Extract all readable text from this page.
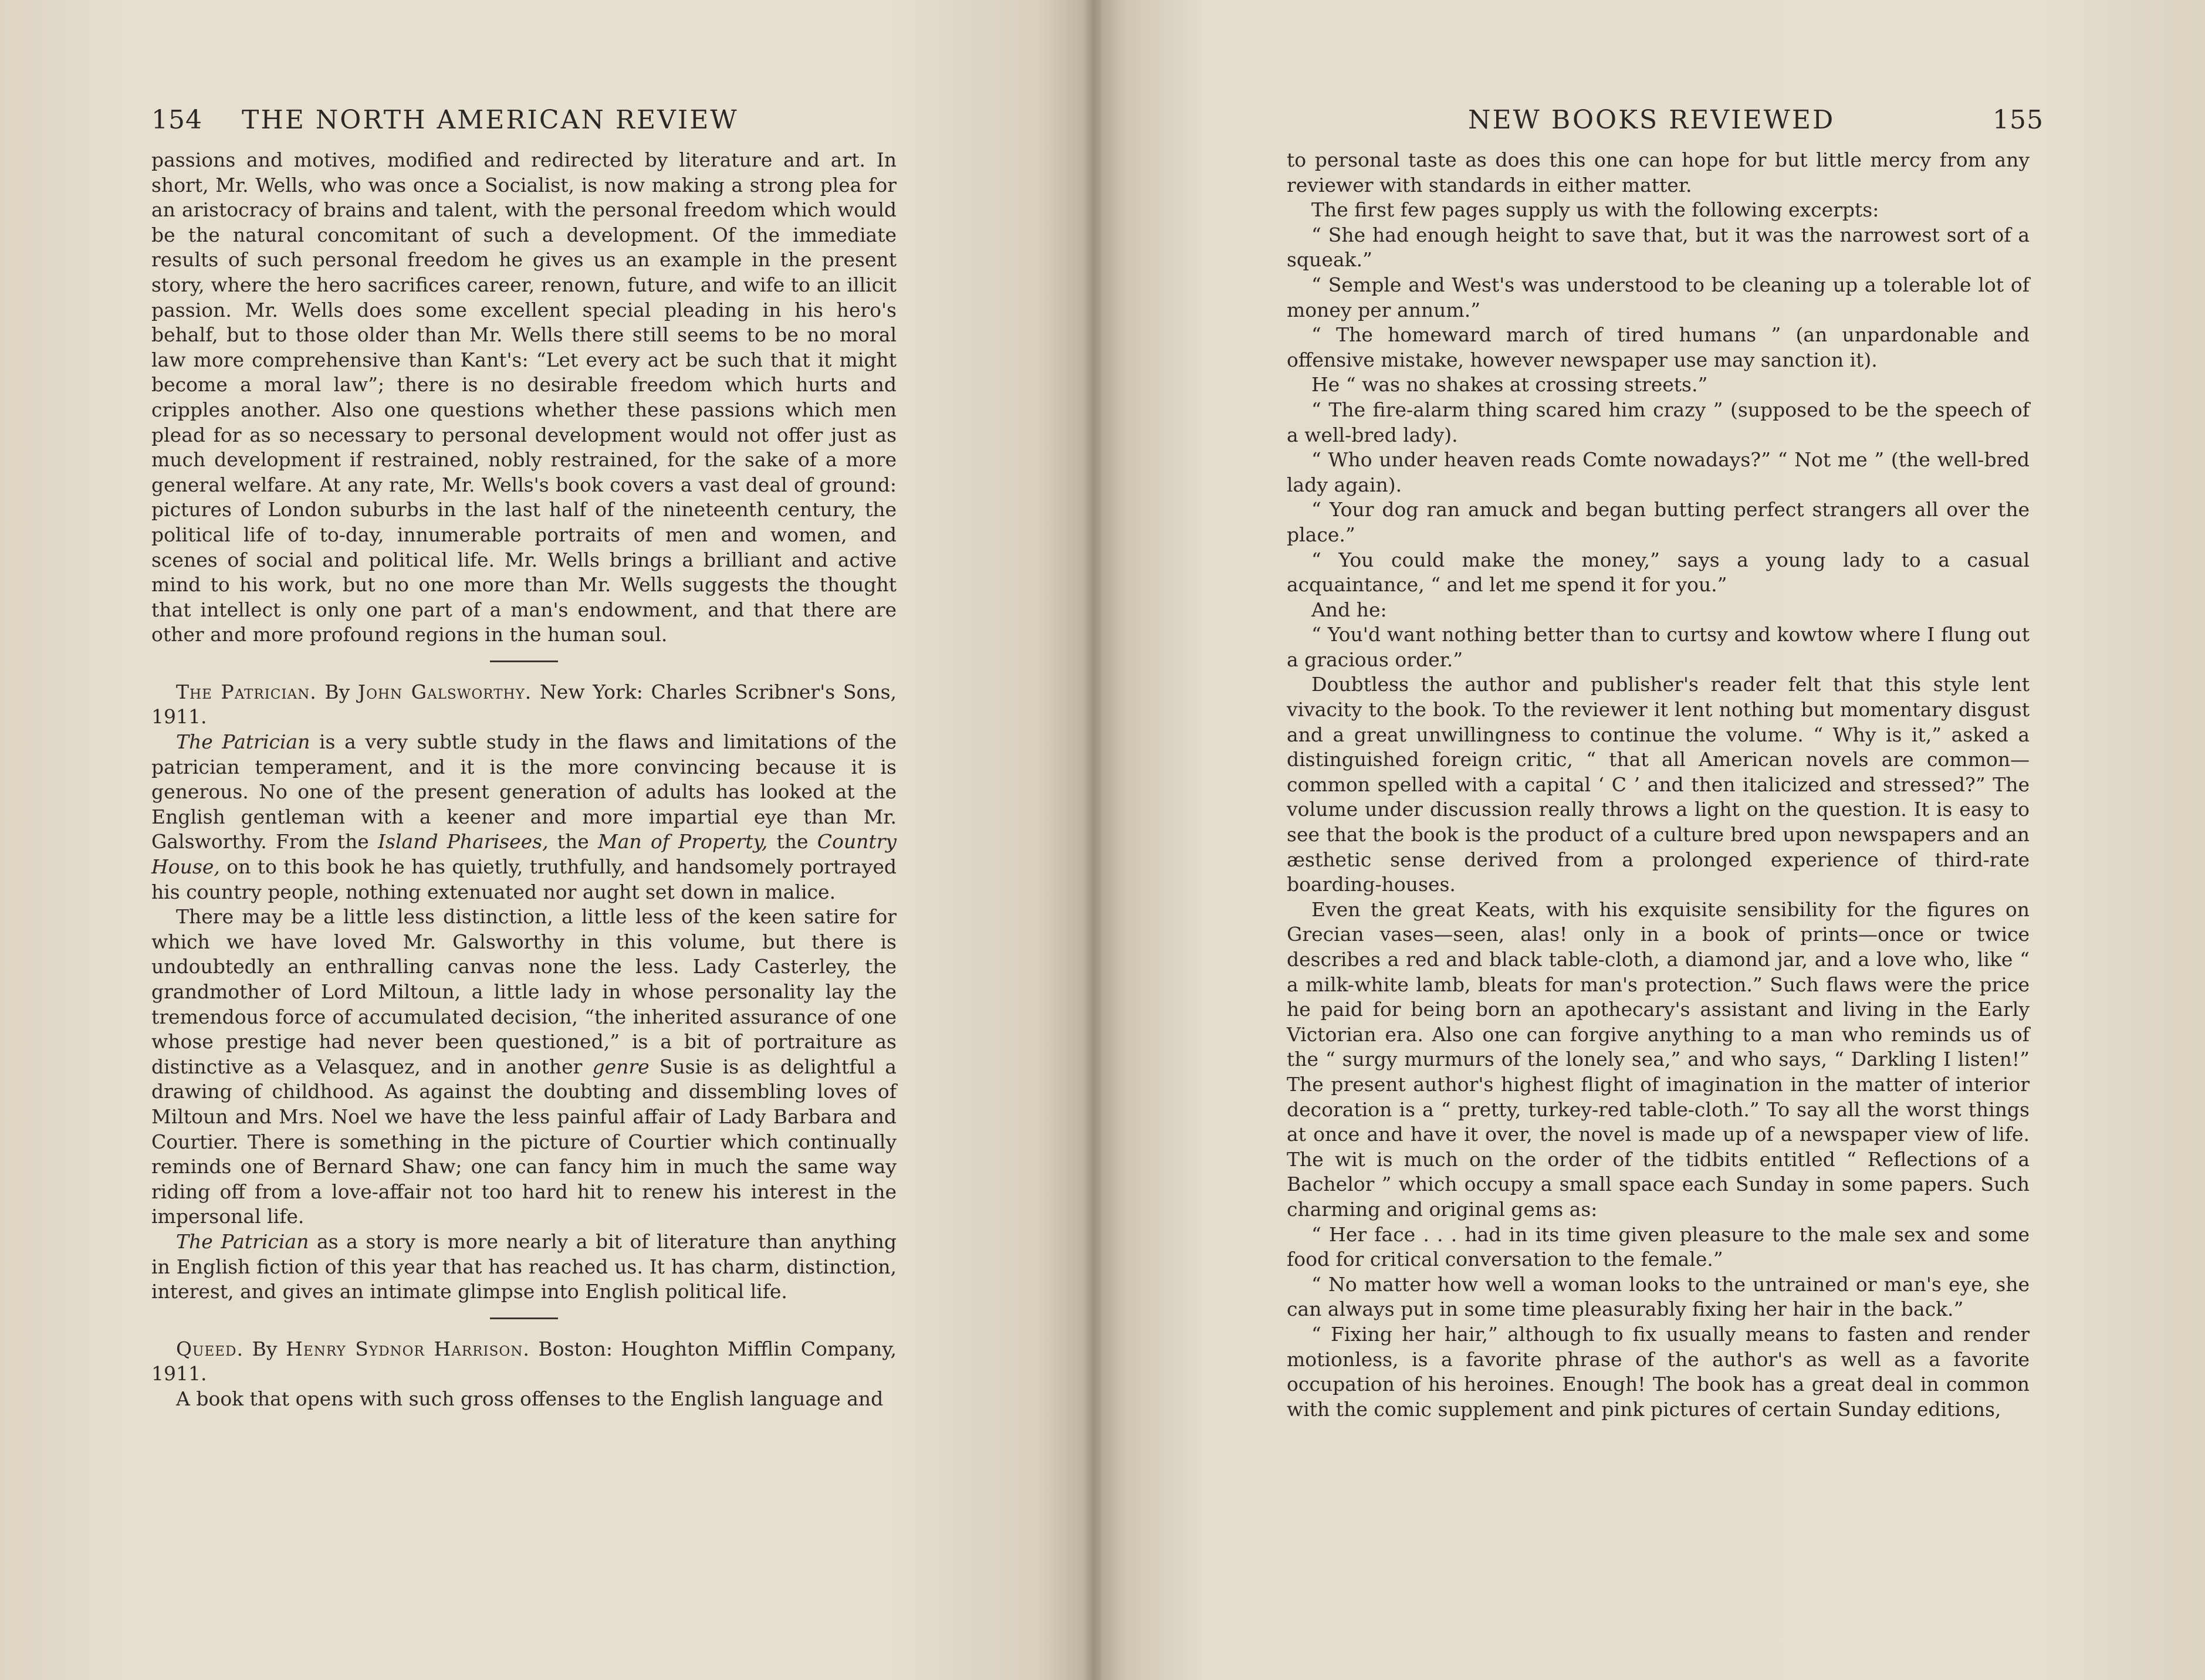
154 THE NORTH AMERICAN REVIEW

passions and motives, modified and redirected by literature and art. In short, Mr. Wells, who was once a Socialist, is now making a strong plea for an aristocracy of brains and talent, with the personal freedom which would be the natural concomitant of such a development. Of the immediate results of such personal freedom he gives us an example in the present story, where the hero sacrifices career, renown, future, and wife to an illicit passion. Mr. Wells does some excellent special pleading in his hero's behalf, but to those older than Mr. Wells there still seems to be no moral law more comprehensive than Kant's: “Let every act be such that it might become a moral law”; there is no desirable freedom which hurts and cripples another. Also one questions whether these passions which men plead for as so necessary to personal development would not offer just as much development if restrained, nobly restrained, for the sake of a more general welfare. At any rate, Mr. Wells's book covers a vast deal of ground: pictures of London suburbs in the last half of the nineteenth century, the political life of to-day, innumerable portraits of men and women, and scenes of social and political life. Mr. Wells brings a brilliant and active mind to his work, but no one more than Mr. Wells suggests the thought that intellect is only one part of a man's endowment, and that there are other and more profound regions in the human soul.

The Patrician. By John Galsworthy. New York: Charles Scribner's Sons, 1911.

The Patrician is a very subtle study in the flaws and limitations of the patrician temperament, and it is the more convincing because it is generous. No one of the present generation of adults has looked at the English gentleman with a keener and more impartial eye than Mr. Galsworthy. From the Island Pharisees, the Man of Property, the Country House, on to this book he has quietly, truthfully, and handsomely portrayed his country people, nothing extenuated nor aught set down in malice.

There may be a little less distinction, a little less of the keen satire for which we have loved Mr. Galsworthy in this volume, but there is undoubtedly an enthralling canvas none the less. Lady Casterley, the grandmother of Lord Miltoun, a little lady in whose personality lay the tremendous force of accumulated decision, “the inherited assurance of one whose prestige had never been questioned,” is a bit of portraiture as distinctive as a Velasquez, and in another genre Susie is as delightful a drawing of childhood. As against the doubting and dissembling loves of Miltoun and Mrs. Noel we have the less painful affair of Lady Barbara and Courtier. There is something in the picture of Courtier which continually reminds one of Bernard Shaw; one can fancy him in much the same way riding off from a love-affair not too hard hit to renew his interest in the impersonal life.

The Patrician as a story is more nearly a bit of literature than anything in English fiction of this year that has reached us. It has charm, distinction, interest, and gives an intimate glimpse into English political life.

Queed. By Henry Sydnor Harrison. Boston: Houghton Mifflin Company, 1911.

A book that opens with such gross offenses to the English language and

NEW BOOKS REVIEWED	155

to personal taste as does this one can hope for but little mercy from any reviewer with standards in either matter.

The first few pages supply us with the following excerpts:

“ She had enough height to save that, but it was the narrowest sort of a squeak.”

“ Semple and West's was understood to be cleaning up a tolerable lot of money per annum.”

“ The homeward march of tired humans ” (an unpardonable and offensive mistake, however newspaper use may sanction it).

He “ was no shakes at crossing streets.”

“ The fire-alarm thing scared him crazy ” (supposed to be the speech of a well-bred lady).

“ Who under heaven reads Comte nowadays?” “ Not me ” (the well-bred lady again).

“ Your dog ran amuck and began butting perfect strangers all over the place.”

“ You could make the money,” says a young lady to a casual acquaintance, “ and let me spend it for you.”

And he:

“ You'd want nothing better than to curtsy and kowtow where I flung out a gracious order.”

Doubtless the author and publisher's reader felt that this style lent vivacity to the book. To the reviewer it lent nothing but momentary disgust and a great unwillingness to continue the volume. “ Why is it,” asked a distinguished foreign critic, “ that all American novels are common—common spelled with a capital ‘ C ’ and then italicized and stressed?” The volume under discussion really throws a light on the question. It is easy to see that the book is the product of a culture bred upon newspapers and an æsthetic sense derived from a prolonged experience of third-rate boarding-houses.

Even the great Keats, with his exquisite sensibility for the figures on Grecian vases—seen, alas! only in a book of prints—once or twice describes a red and black table-cloth, a diamond jar, and a love who, like “ a milk-white lamb, bleats for man's protection.” Such flaws were the price he paid for being born an apothecary's assistant and living in the Early Victorian era. Also one can forgive anything to a man who reminds us of the “ surgy murmurs of the lonely sea,” and who says, “ Darkling I listen!” The present author's highest flight of imagination in the matter of interior decoration is a “ pretty, turkey-red table-cloth.” To say all the worst things at once and have it over, the novel is made up of a newspaper view of life. The wit is much on the order of the tidbits entitled “ Reflections of a Bachelor ” which occupy a small space each Sunday in some papers. Such charming and original gems as:

“ Her face . . . had in its time given pleasure to the male sex and some food for critical conversation to the female.”

“ No matter how well a woman looks to the untrained or man's eye, she can always put in some time pleasurably fixing her hair in the back.”

“ Fixing her hair,” although to fix usually means to fasten and render motionless, is a favorite phrase of the author's as well as a favorite occupation of his heroines. Enough! The book has a great deal in common with the comic supplement and pink pictures of certain Sunday editions,
